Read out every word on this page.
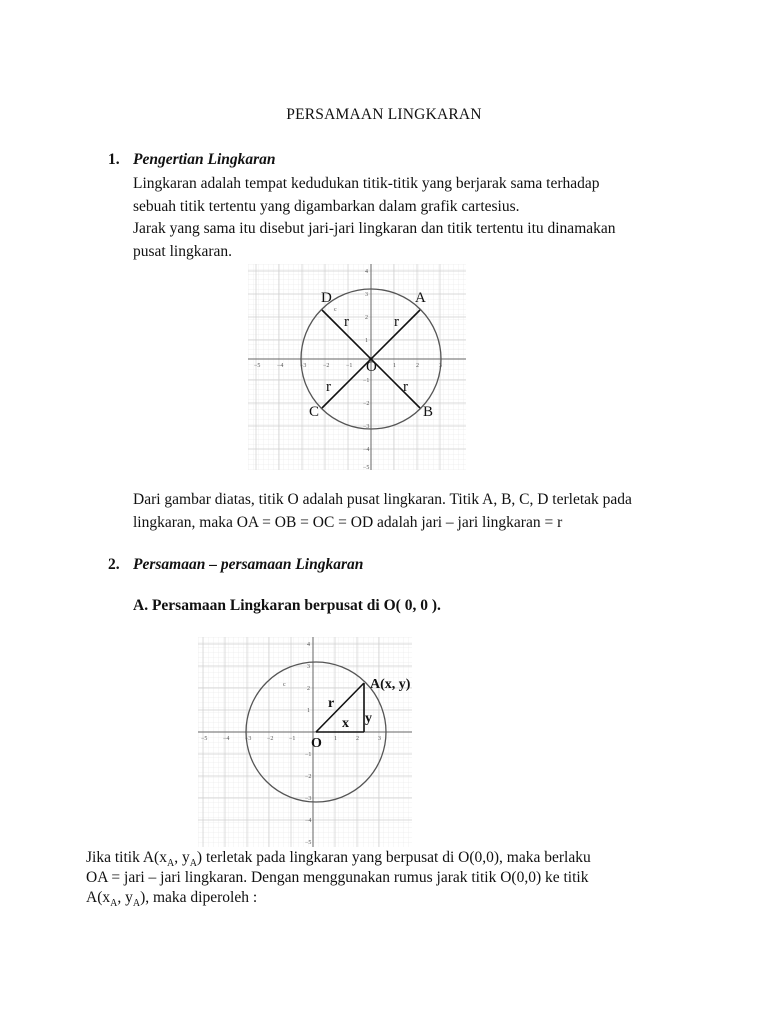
PERSAMAAN LINGKARAN
1. Pengertian Lingkaran
Lingkaran adalah tempat kedudukan titik-titik yang berjarak sama terhadap
sebuah titik tertentu yang digambarkan dalam grafik cartesius.
Jarak yang sama itu disebut jari-jari lingkaran dan titik tertentu itu dinamakan
pusat lingkaran.
−5	−4	−3	−2	−1	1	2	3
4
3
2
1
−1
−2
−3
−4
−5
c
D	A
C	B
O
r	r
r	r
Dari gambar diatas, titik O adalah pusat lingkaran. Titik A, B, C, D terletak pada
lingkaran, maka OA = OB = OC = OD adalah jari – jari lingkaran = r
2. Persamaan – persamaan Lingkaran
A. Persamaan Lingkaran berpusat di O( 0, 0 ).
−5	−4	−3	−2	−1	1	2	3
4
3
2
1
−1
−2
−3
−4
−5
c	A(x, y)
r
x y
O
Jika titik $A(x_A$, $y_A$) terletak pada lingkaran yang berpusat di O(0,0), maka berlaku
OA = jari – jari lingkaran. Dengan menggunakan rumus jarak titik O(0,0) ke titik
$A(x_A$, $y_A$), maka diperoleh :
